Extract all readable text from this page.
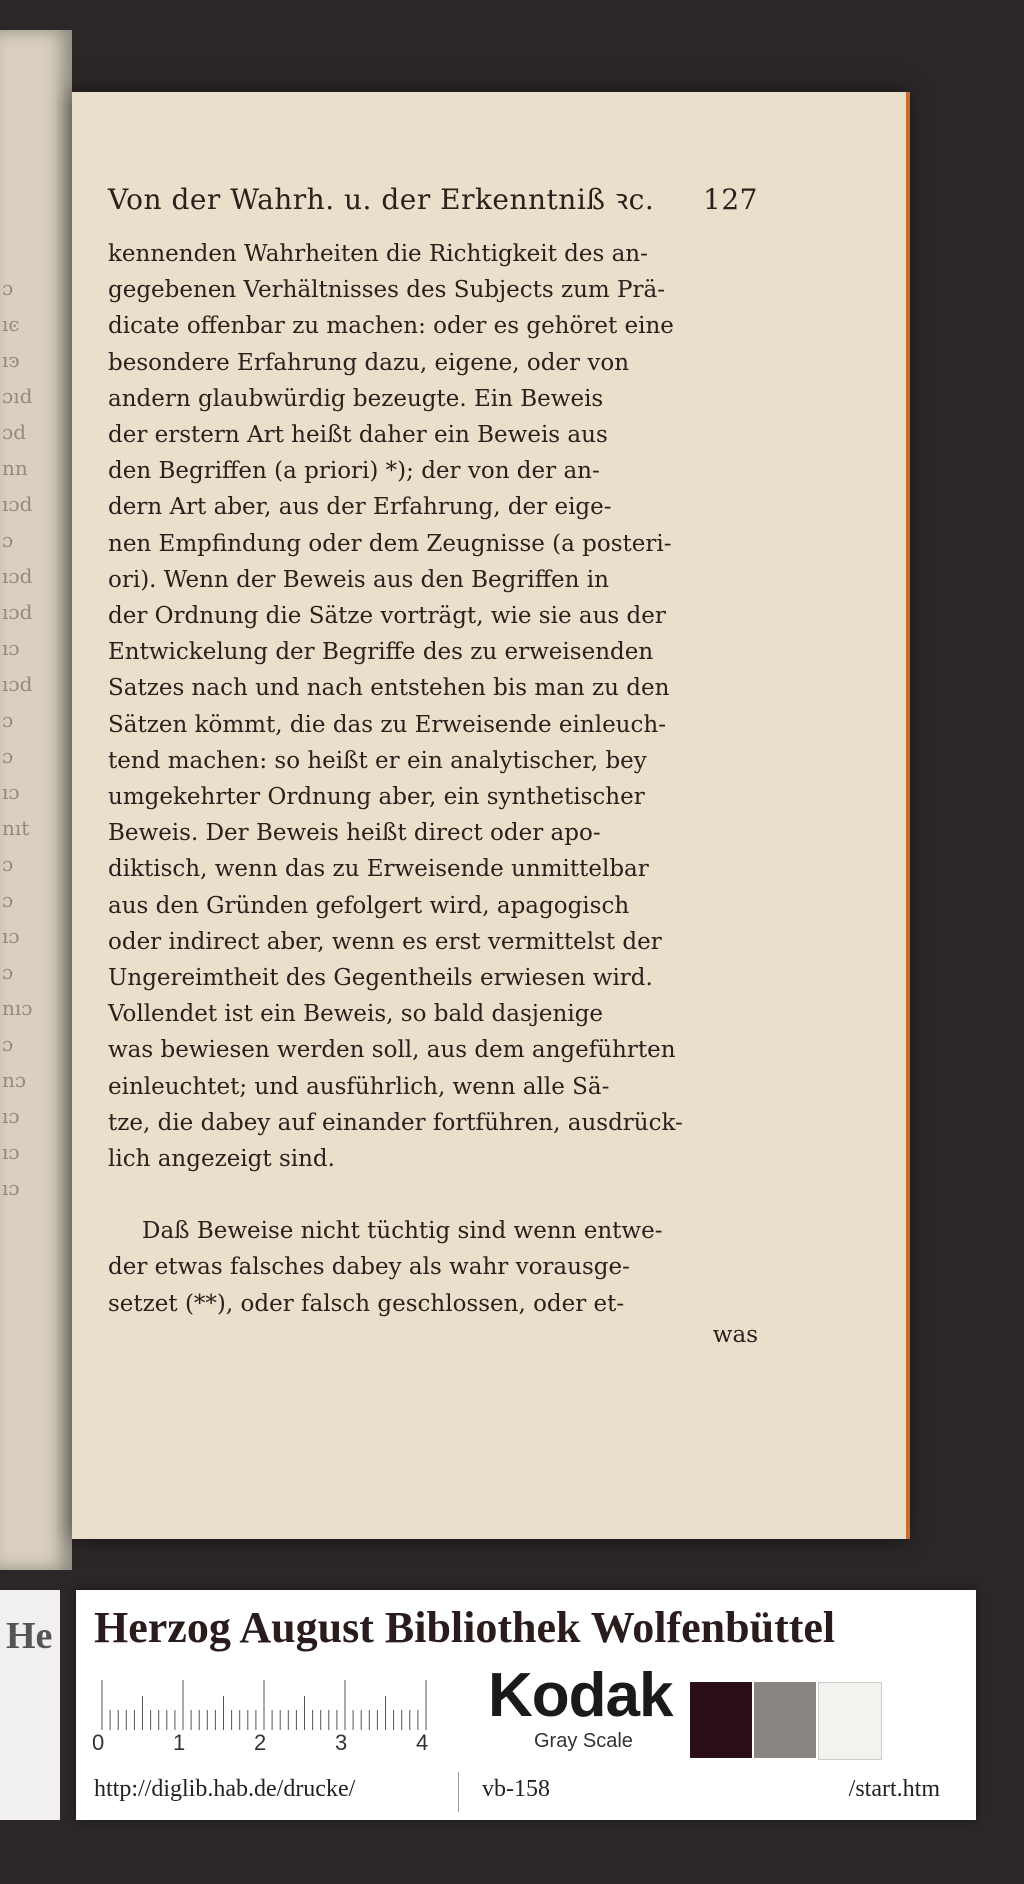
ɔ
ıͼ
ıͽ
ɔıd
ɔd
nn
ıɔd
ɔ
ıɔd
ıɔd
ıɔ
ıɔd
ɔ
ɔ
ıɔ
nıt
ɔ
ɔ
ıɔ
ɔ
nıɔ
ɔ
nɔ
ıɔ
ıɔ
ıɔ
Von der Wahrh. u. der Erkenntniß ꝛc. 127

kennenden Wahrheiten die Richtigkeit des an-
gegebenen Verhältnisses des Subjects zum Prä-
dicate offenbar zu machen: oder es gehöret eine
besondere Erfahrung dazu, eigene, oder von
andern glaubwürdig bezeugte. Ein Beweis
der erstern Art heißt daher ein Beweis aus
den Begriffen (a priori) *); der von der an-
dern Art aber, aus der Erfahrung, der eige-
nen Empfindung oder dem Zeugnisse (a posteri-
ori). Wenn der Beweis aus den Begriffen in
der Ordnung die Sätze vorträgt, wie sie aus der
Entwickelung der Begriffe des zu erweisenden
Satzes nach und nach entstehen bis man zu den
Sätzen kömmt, die das zu Erweisende einleuch-
tend machen: so heißt er ein analytischer, bey
umgekehrter Ordnung aber, ein synthetischer
Beweis. Der Beweis heißt direct oder apo-
diktisch, wenn das zu Erweisende unmittelbar
aus den Gründen gefolgert wird, apagogisch
oder indirect aber, wenn es erst vermittelst der
Ungereimtheit des Gegentheils erwiesen wird.
Vollendet ist ein Beweis, so bald dasjenige
was bewiesen werden soll, aus dem angeführten
einleuchtet; und ausführlich, wenn alle Sä-
tze, die dabey auf einander fortführen, ausdrück-
lich angezeigt sind.

Daß Beweise nicht tüchtig sind wenn entwe-
der etwas falsches dabey als wahr vorausge-
setzet (**), oder falsch geschlossen, oder et-

was
He Herzog August Bibliothek Wolfenbüttel
0	1	2	3	4
Kodak
Gray Scale
http://diglib.hab.de/drucke/	vb-158	/start.htm
